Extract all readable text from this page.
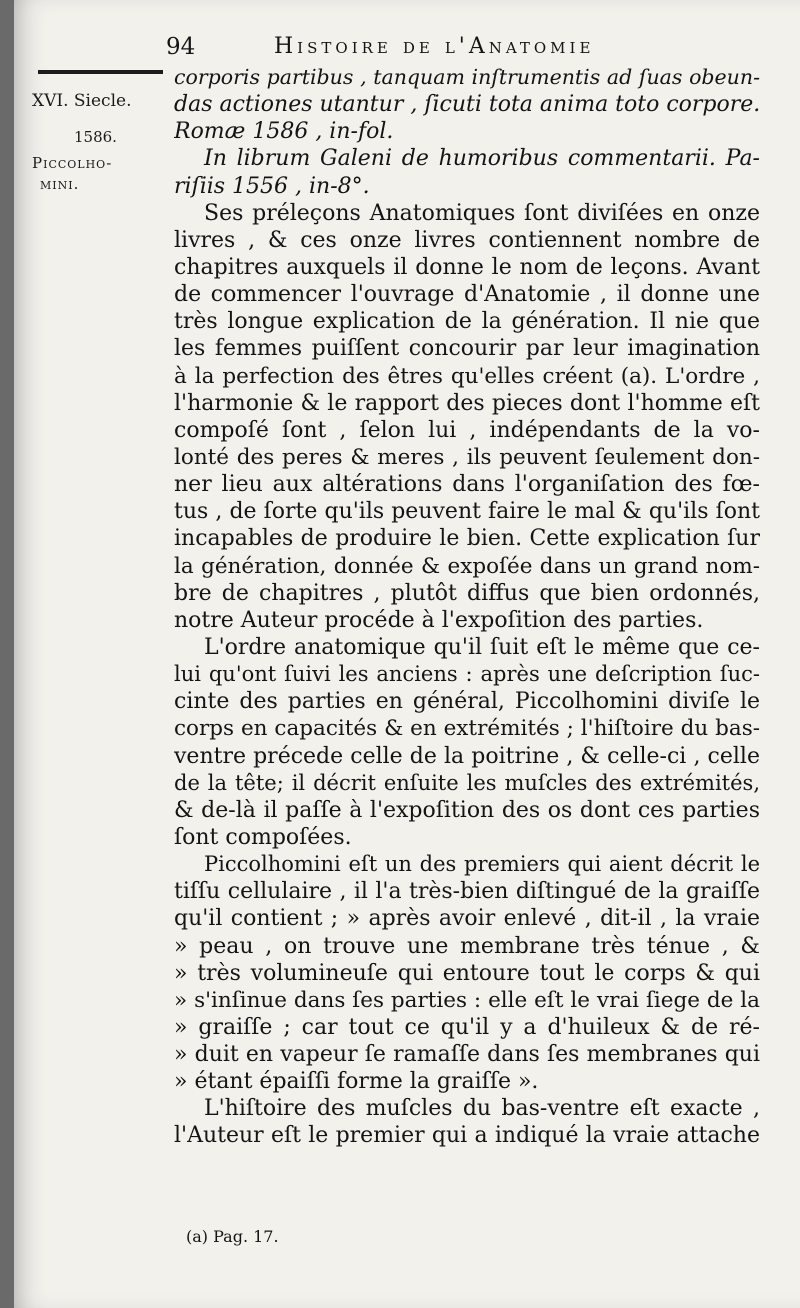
94	Histoire de l'Anatomie
XVI. Siecle.
1586.
Piccolho-
mini.
corporis partibus , tanquam inſtrumentis ad ſuas obeun-
das actiones utantur , ſicuti tota anima toto corpore.
Romæ 1586 , in-fol.
In librum Galeni de humoribus commentarii. Pa-
riſiis 1556 , in-8°.
Ses préleçons Anatomiques ſont diviſées en onze
livres , & ces onze livres contiennent nombre de
chapitres auxquels il donne le nom de leçons. Avant
de commencer l'ouvrage d'Anatomie , il donne une
très longue explication de la génération. Il nie que
les femmes puiſſent concourir par leur imagination
à la perfection des êtres qu'elles créent (a). L'ordre ,
l'harmonie & le rapport des pieces dont l'homme eſt
compoſé ſont , ſelon lui , indépendants de la vo-
lonté des peres & meres , ils peuvent ſeulement don-
ner lieu aux altérations dans l'organiſation des fœ-
tus , de ſorte qu'ils peuvent faire le mal & qu'ils ſont
incapables de produire le bien. Cette explication ſur
la génération, donnée & expoſée dans un grand nom-
bre de chapitres , plutôt diffus que bien ordonnés,
notre Auteur procéde à l'expoſition des parties.
L'ordre anatomique qu'il ſuit eſt le même que ce-
lui qu'ont ſuivi les anciens : après une deſcription ſuc-
cinte des parties en général, Piccolhomini diviſe le
corps en capacités & en extrémités ; l'hiſtoire du bas-
ventre précede celle de la poitrine , & celle-ci , celle
de la tête; il décrit enſuite les muſcles des extrémités,
& de-là il paſſe à l'expoſition des os dont ces parties
ſont compoſées.
Piccolhomini eſt un des premiers qui aient décrit le
tiſſu cellulaire , il l'a très-bien diſtingué de la graiſſe
qu'il contient ; » après avoir enlevé , dit-il , la vraie
» peau , on trouve une membrane très ténue , &
» très volumineuſe qui entoure tout le corps & qui
» s'inſinue dans ſes parties : elle eſt le vrai ſiege de la
» graiſſe ; car tout ce qu'il y a d'huileux & de ré-
» duit en vapeur ſe ramaſſe dans ſes membranes qui
» étant épaiſſi forme la graiſſe ».
L'hiſtoire des muſcles du bas-ventre eſt exacte ,
l'Auteur eſt le premier qui a indiqué la vraie attache
(a) Pag. 17.
